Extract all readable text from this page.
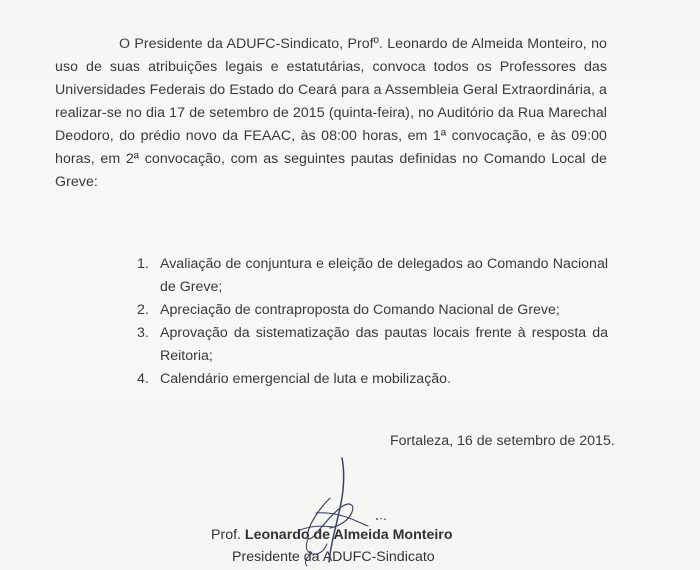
O Presidente da ADUFC-Sindicato, Profº. Leonardo de Almeida Monteiro, no uso de suas atribuições legais e estatutárias, convoca todos os Professores das Universidades Federais do Estado do Ceará para a Assembleia Geral Extraordinária, a realizar-se no dia 17 de setembro de 2015 (quinta-feira), no Auditório da Rua Marechal Deodoro, do prédio novo da FEAAC, às 08:00 horas, em 1ª convocação, e às 09:00 horas, em 2ª convocação, com as seguintes pautas definidas no Comando Local de Greve:

1. Avaliação de conjuntura e eleição de delegados ao Comando Nacional de Greve;
2. Apreciação de contraproposta do Comando Nacional de Greve;
3. Aprovação da sistematização das pautas locais frente à resposta da Reitoria;
4. Calendário emergencial de luta e mobilização.

Fortaleza, 16 de setembro de 2015.

Prof. Leonardo de Almeida Monteiro

Presidente da ADUFC-Sindicato
